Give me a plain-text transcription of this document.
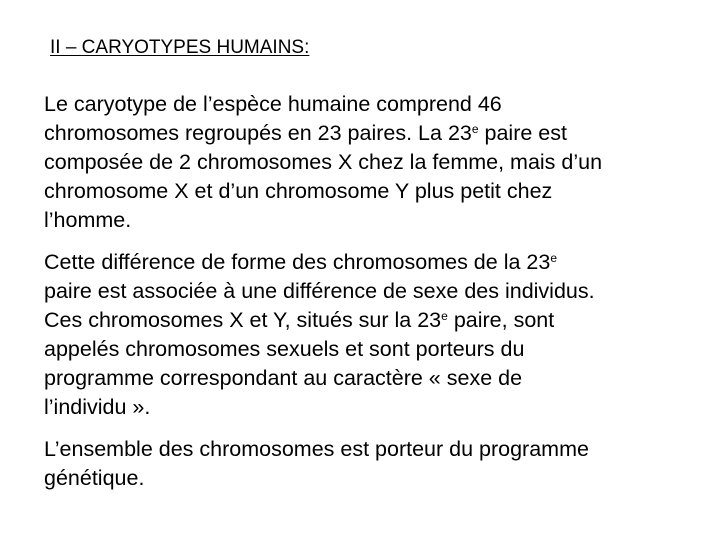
II – CARYOTYPES HUMAINS:

Le caryotype de l’espèce humaine comprend 46
chromosomes regroupés en 23 paires. La 23e paire est
composée de 2 chromosomes X chez la femme, mais d’un
chromosome X et d’un chromosome Y plus petit chez
l’homme.

Cette différence de forme des chromosomes de la 23e
paire est associée à une différence de sexe des individus.
Ces chromosomes X et Y, situés sur la 23e paire, sont
appelés chromosomes sexuels et sont porteurs du
programme correspondant au caractère « sexe de
l’individu ».

L’ensemble des chromosomes est porteur du programme
génétique.
